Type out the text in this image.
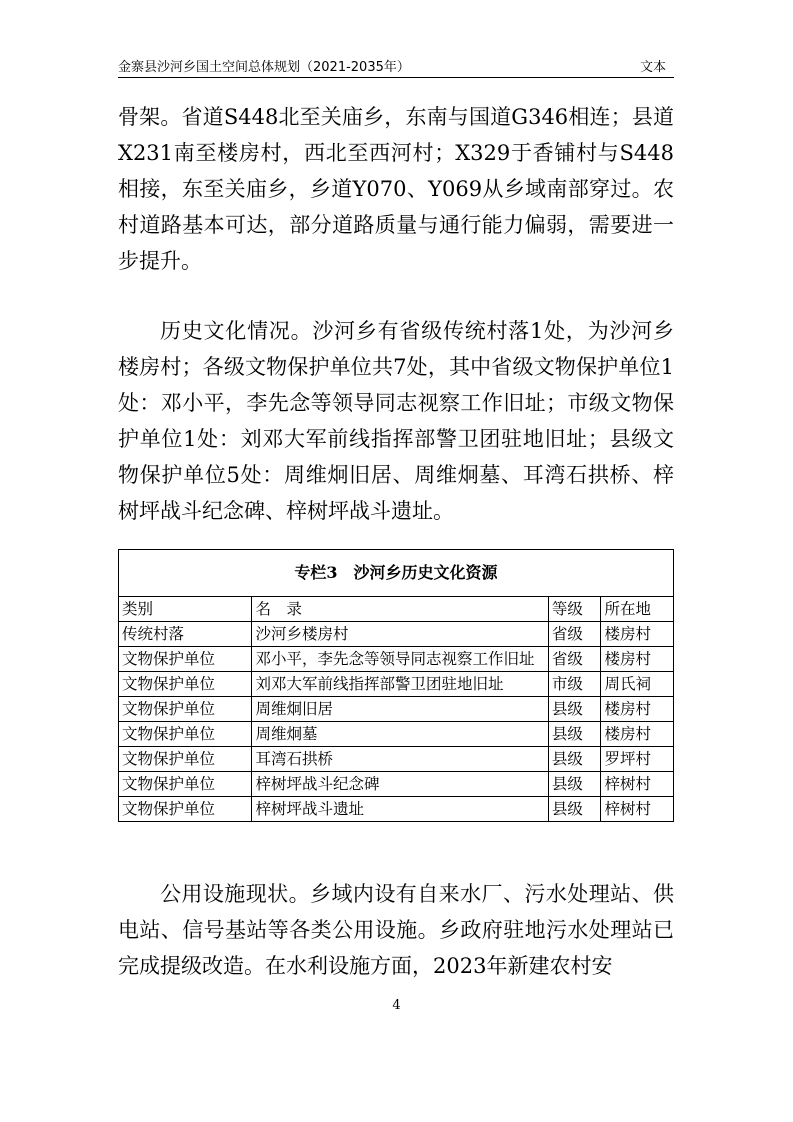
金寨县沙河乡国土空间总体规划（2021-2035年）	文本
骨架。省道S448北至关庙乡，东南与国道G346相连；县道X231南至楼房村，西北至西河村；X329于香铺村与S448相接，东至关庙乡，乡道Y070、Y069从乡域南部穿过。农村道路基本可达，部分道路质量与通行能力偏弱，需要进一步提升。
历史文化情况。沙河乡有省级传统村落1处，为沙河乡楼房村；各级文物保护单位共7处，其中省级文物保护单位1处：邓小平，李先念等领导同志视察工作旧址；市级文物保护单位1处：刘邓大军前线指挥部警卫团驻地旧址；县级文物保护单位5处：周维炯旧居、周维炯墓、耳湾石拱桥、梓树坪战斗纪念碑、梓树坪战斗遗址。
专栏3　沙河乡历史文化资源			
类别	名　录	等级	所在地
传统村落	沙河乡楼房村	省级	楼房村
文物保护单位	邓小平，李先念等领导同志视察工作旧址	省级	楼房村
文物保护单位	刘邓大军前线指挥部警卫团驻地旧址	市级	周氏祠
文物保护单位	周维炯旧居	县级	楼房村
文物保护单位	周维炯墓	县级	楼房村
文物保护单位	耳湾石拱桥	县级	罗坪村
文物保护单位	梓树坪战斗纪念碑	县级	梓树村
文物保护单位	梓树坪战斗遗址	县级	梓树村
公用设施现状。乡域内设有自来水厂、污水处理站、供电站、信号基站等各类公用设施。乡政府驻地污水处理站已完成提级改造。在水利设施方面，2023年新建农村安
4
